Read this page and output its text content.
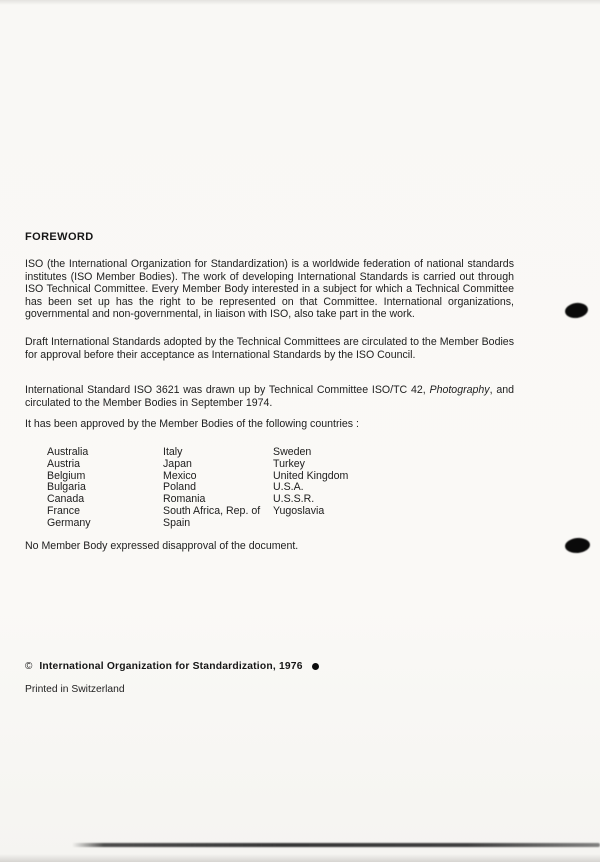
FOREWORD

ISO (the International Organization for Standardization) is a worldwide federation of national standards institutes (ISO Member Bodies). The work of developing International Standards is carried out through ISO Technical Committee. Every Member Body interested in a subject for which a Technical Committee has been set up has the right to be represented on that Committee. International organizations, governmental and non-governmental, in liaison with ISO, also take part in the work.

Draft International Standards adopted by the Technical Committees are circulated to the Member Bodies for approval before their acceptance as International Standards by the ISO Council.

International Standard ISO 3621 was drawn up by Technical Committee ISO/TC 42, Photography, and circulated to the Member Bodies in September 1974.

It has been approved by the Member Bodies of the following countries :

Australia
Austria
Belgium
Bulgaria
Canada
France
Germany
Italy
Japan
Mexico
Poland
Romania
South Africa, Rep. of
Spain
Sweden
Turkey
United Kingdom
U.S.A.
U.S.S.R.
Yugoslavia

No Member Body expressed disapproval of the document.

© International Organization for Standardization, 1976

Printed in Switzerland
